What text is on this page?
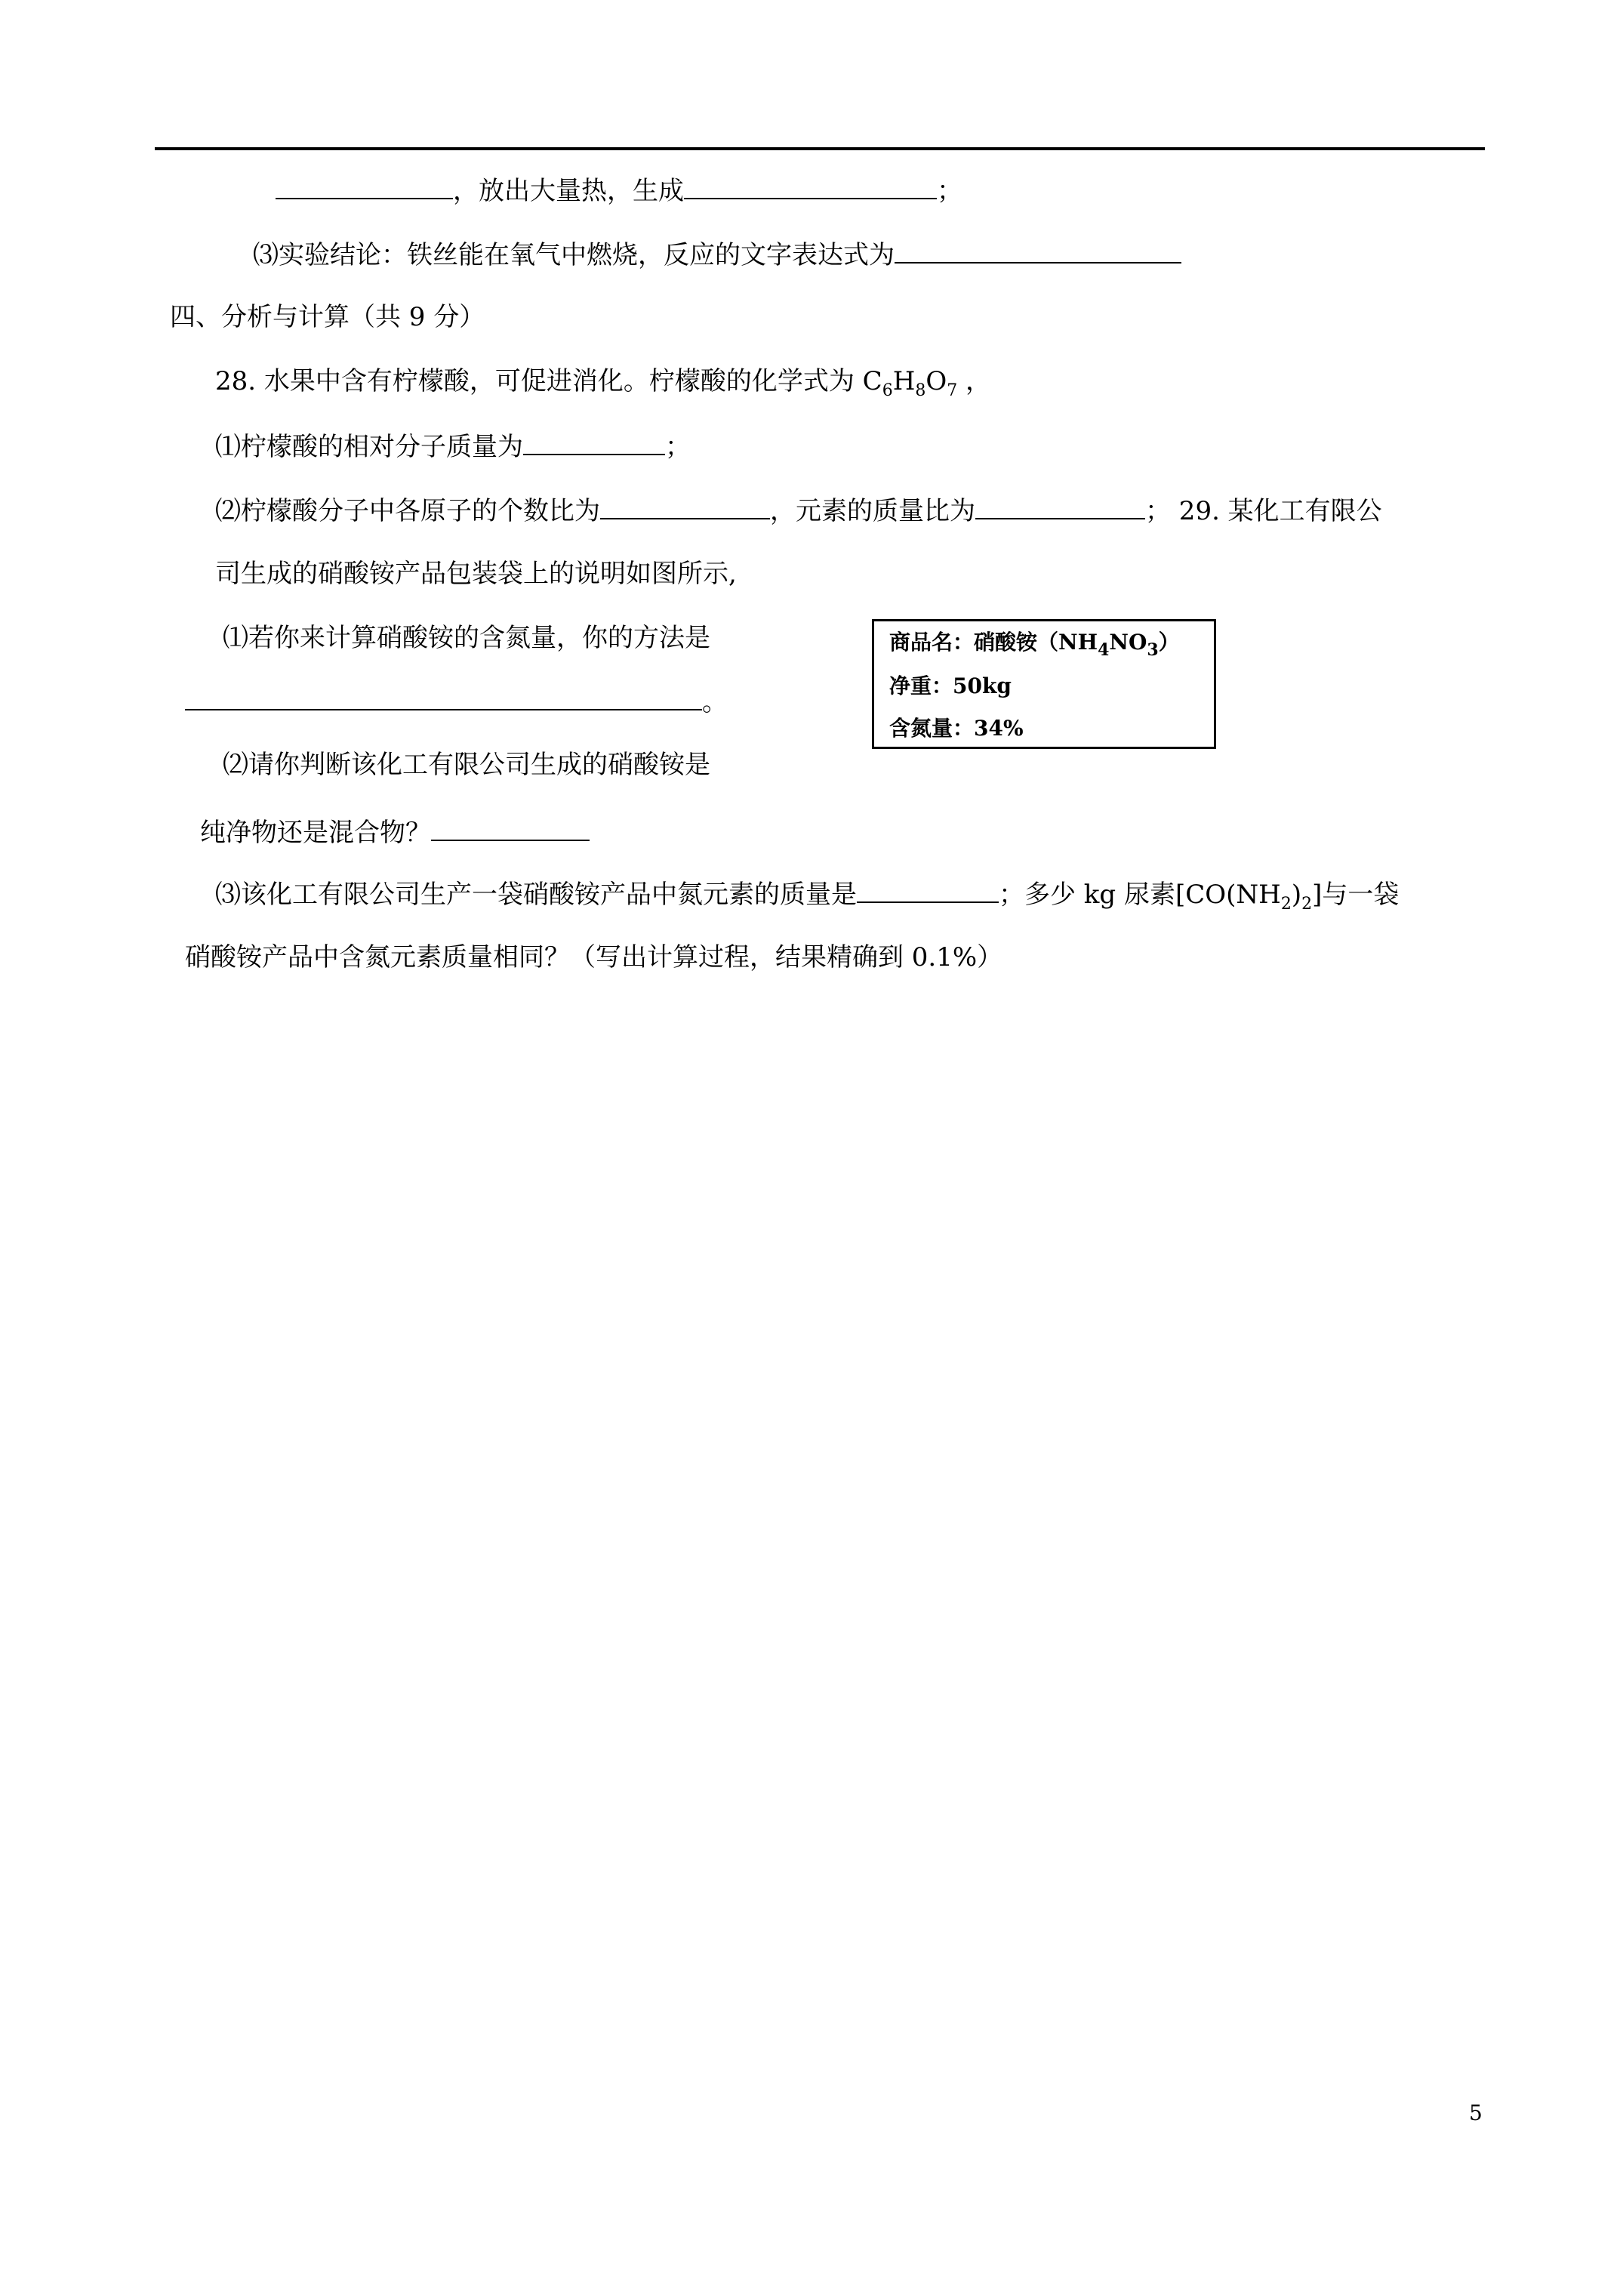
，放出大量热，生成	；
⑶实验结论：铁丝能在氧气中燃烧，反应的文字表达式为
四、分析与计算（共 9 分）
28. 水果中含有柠檬酸，可促进消化。柠檬酸的化学式为 $C_6H_8O_7$ ，
⑴柠檬酸的相对分子质量为	；
⑵柠檬酸分子中各原子的个数比为	，元素的质量比为	； 29. 某化工有限公
司生成的硝酸铵产品包装袋上的说明如图所示,
⑴若你来计算硝酸铵的含氮量，你的方法是
。
商品名：硝酸铵$(NH_4NO_3)$
净重：50kg
含氮量：34%
⑵请你判断该化工有限公司生成的硝酸铵是
纯净物还是混合物？
⑶该化工有限公司生产一袋硝酸铵产品中氮元素的质量是	；多少 kg 尿素$[CO(NH_2)_2]$与一袋
硝酸铵产品中含氮元素质量相同？（写出计算过程，结果精确到 0.1%）
5
